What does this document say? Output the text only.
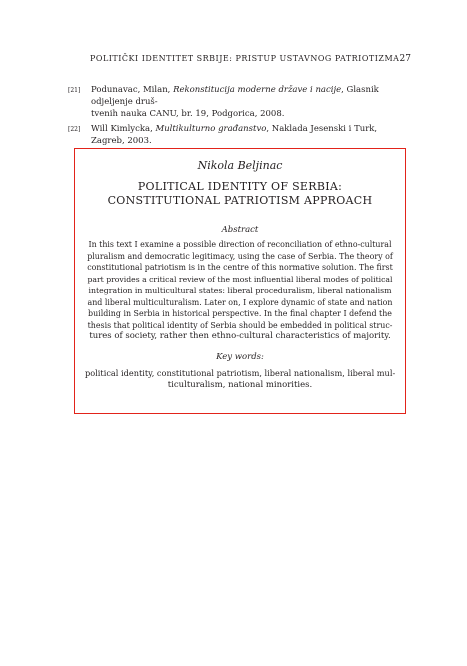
POLITIČKI IDENTITET SRBIJE: PRISTUP USTAVNOG PATRIOTIZMA 27
[21] Podunavac, Milan, Rekonstitucija moderne države i nacije, Glasnik odjeljenje druš-
tvenih nauka CANU, br. 19, Podgorica, 2008.
[22] Will Kimlycka, Multikulturno građanstvo, Naklada Jesenski i Turk, Zagreb, 2003.
Nikola Beljinac
POLITICAL IDENTITY OF SERBIA:
CONSTITUTIONAL PATRIOTISM APPROACH
Abstract
In this text I examine a possible direction of reconciliation of ethno-cultural
pluralism and democratic legitimacy, using the case of Serbia. The theory of
constitutional patriotism is in the centre of this normative solution. The first
part provides a critical review of the most influential liberal modes of political
integration in multicultural states: liberal proceduralism, liberal nationalism
and liberal multiculturalism. Later on, I explore dynamic of state and nation
building in Serbia in historical perspective. In the final chapter I defend the
thesis that political identity of Serbia should be embedded in political struc-
tures of society, rather then ethno-cultural characteristics of majority.
Key words:
political identity, constitutional patriotism, liberal nationalism, liberal mul-
ticulturalism, national minorities.
